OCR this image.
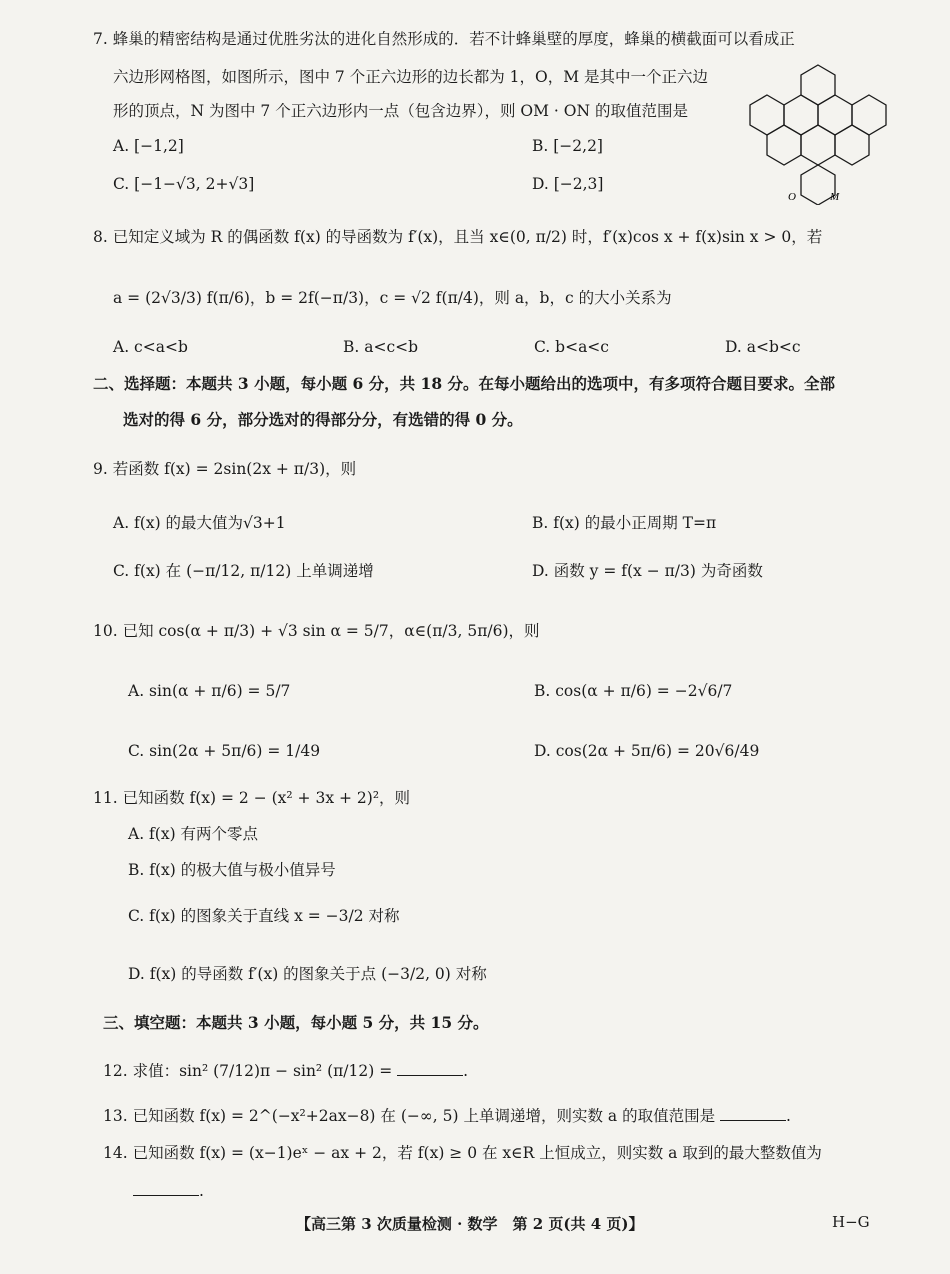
7. 蜂巢的精密结构是通过优胜劣汰的进化自然形成的．若不计蜂巢壁的厚度，蜂巢的横截面可以看成正
六边形网格图，如图所示，图中 7 个正六边形的边长都为 1，O，M 是其中一个正六边
形的顶点，N 为图中 7 个正六边形内一点（包含边界），则 OM · ON 的取值范围是
A. [−1,2]	B. [−2,2]
C. [−1−√3, 2+√3]	D. [−2,3]
O	M
8. 已知定义域为 R 的偶函数 f(x) 的导函数为 f′(x)，且当 x∈(0, π/2) 时，f′(x)cos x + f(x)sin x > 0，若
a = (2√3/3) f(π/6)，b = 2f(−π/3)，c = √2 f(π/4)，则 a，b，c 的大小关系为
A. c<a<b	B. a<c<b	C. b<a<c	D. a<b<c
二、选择题：本题共 3 小题，每小题 6 分，共 18 分。在每小题给出的选项中，有多项符合题目要求。全部
选对的得 6 分，部分选对的得部分分，有选错的得 0 分。
9. 若函数 f(x) = 2sin(2x + π/3)，则
A. f(x) 的最大值为√3+1	B. f(x) 的最小正周期 T=π
C. f(x) 在 (−π/12, π/12) 上单调递增	D. 函数 y = f(x − π/3) 为奇函数
10. 已知 cos(α + π/3) + √3 sin α = 5/7，α∈(π/3, 5π/6)，则
A. sin(α + π/6) = 5/7	B. cos(α + π/6) = −2√6/7
C. sin(2α + 5π/6) = 1/49	D. cos(2α + 5π/6) = 20√6/49
11. 已知函数 f(x) = 2 − (x² + 3x + 2)²，则
A. f(x) 有两个零点
B. f(x) 的极大值与极小值异号
C. f(x) 的图象关于直线 x = −3/2 对称
D. f(x) 的导函数 f′(x) 的图象关于点 (−3/2, 0) 对称
三、填空题：本题共 3 小题，每小题 5 分，共 15 分。
12. 求值：sin² (7/12)π − sin² (π/12) =	.
13. 已知函数 f(x) = 2^(−x²+2ax−8) 在 (−∞, 5) 上单调递增，则实数 a 的取值范围是	.
14. 已知函数 f(x) = (x−1)eˣ − ax + 2，若 f(x) ≥ 0 在 x∈R 上恒成立，则实数 a 取到的最大整数值为
.
【高三第 3 次质量检测 · 数学　第 2 页(共 4 页)】	H−G
